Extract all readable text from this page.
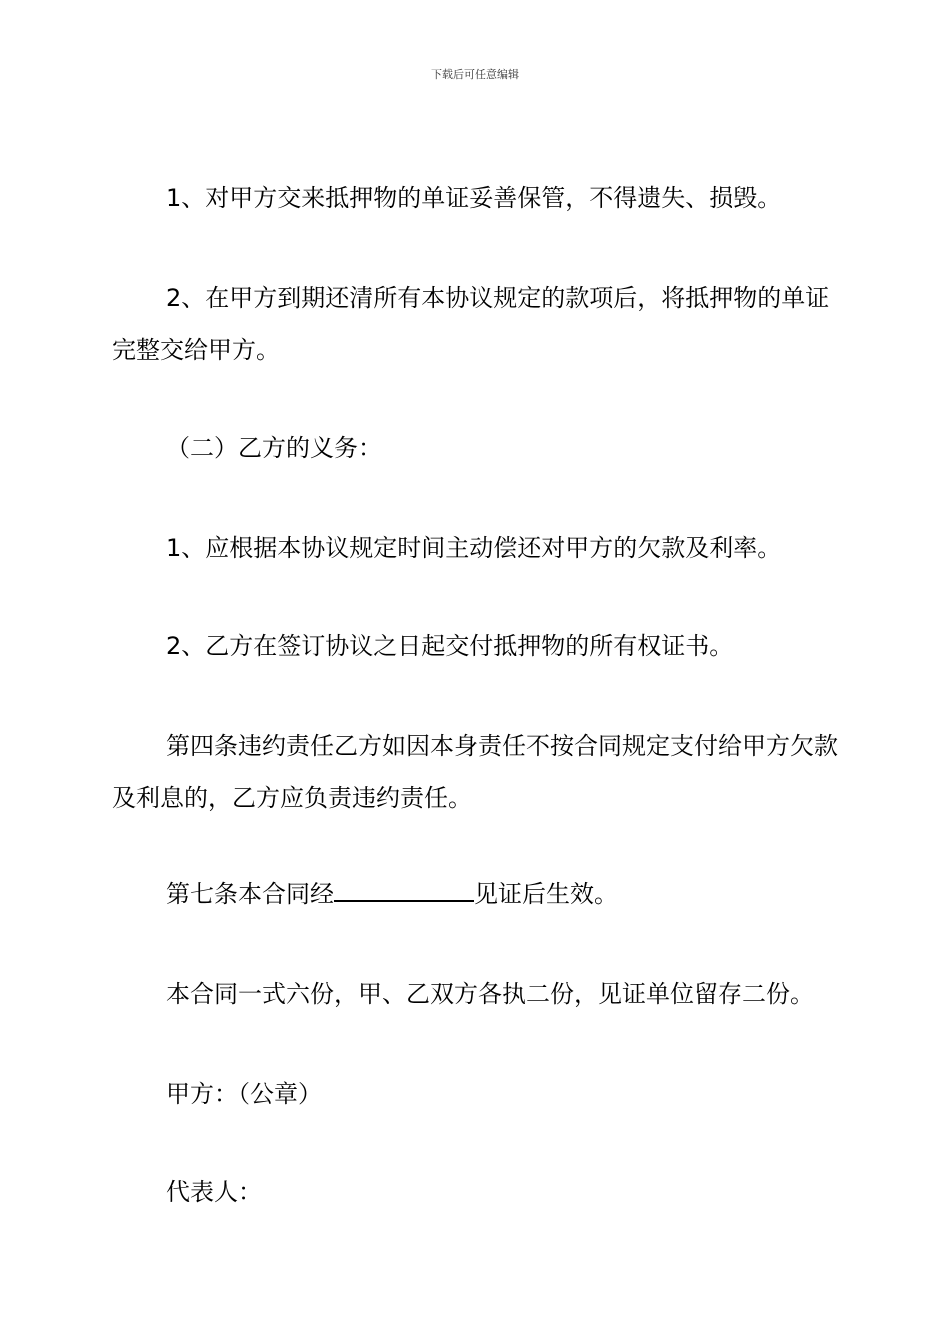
下载后可任意编辑
1、对甲方交来抵押物的单证妥善保管，不得遗失、损毁。
2、在甲方到期还清所有本协议规定的款项后，将抵押物的单证完整交给甲方。
（二）乙方的义务：
1、应根据本协议规定时间主动偿还对甲方的欠款及利率。
2、乙方在签订协议之日起交付抵押物的所有权证书。
第四条违约责任乙方如因本身责任不按合同规定支付给甲方欠款及利息的，乙方应负责违约责任。
第七条本合同经	见证后生效。
本合同一式六份，甲、乙双方各执二份，见证单位留存二份。
甲方：（公章）
代表人：
